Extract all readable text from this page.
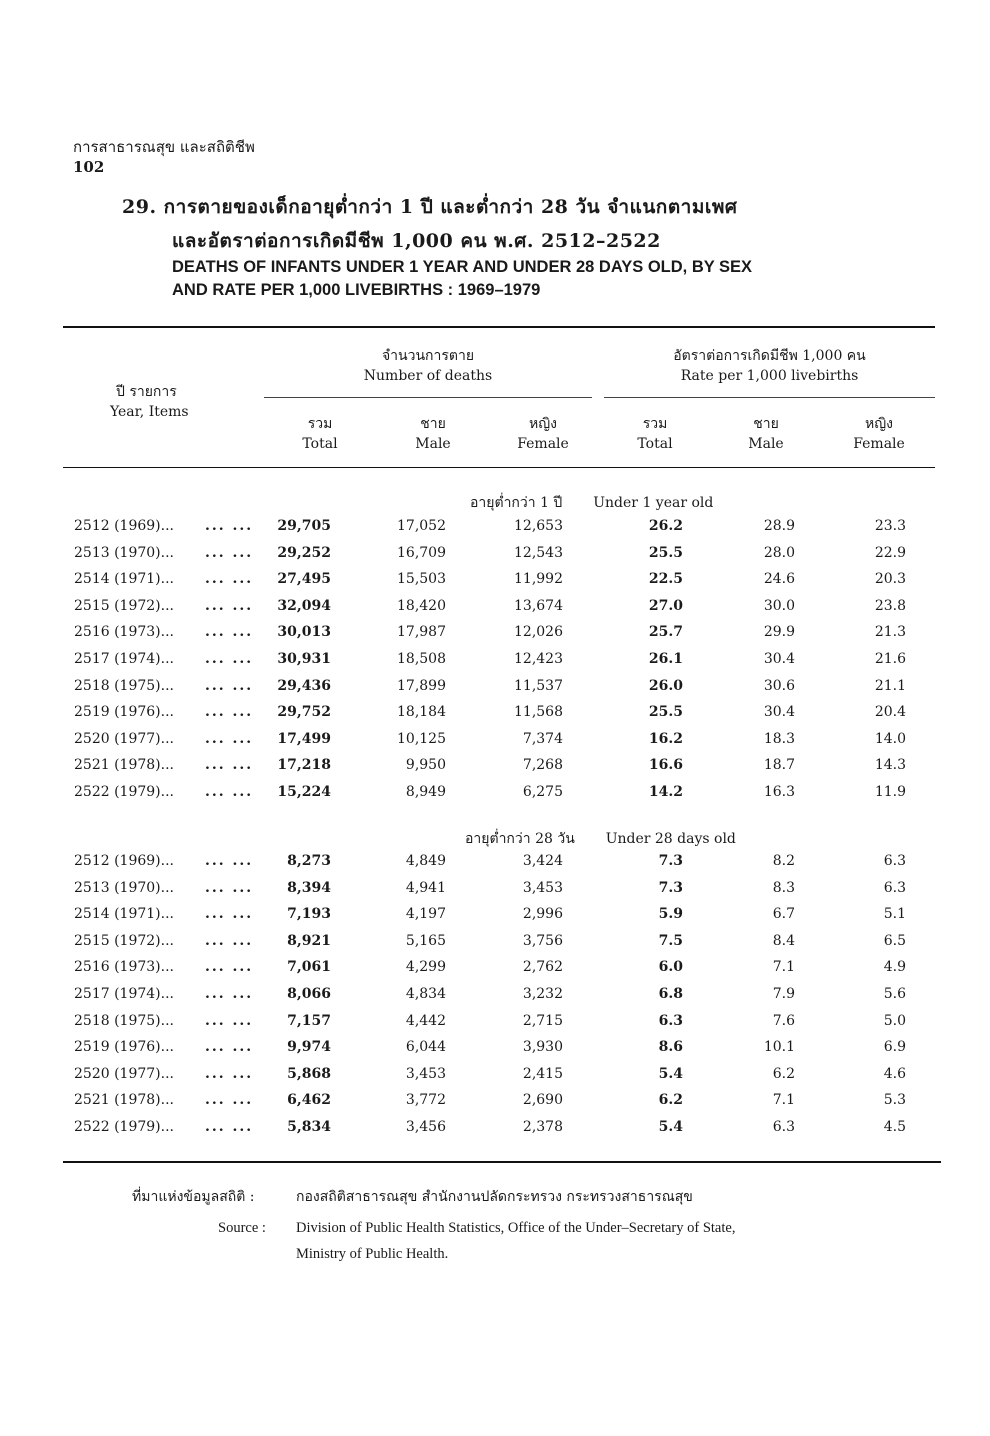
การสาธารณสุข และสถิติชีพ
102
29. การตายของเด็กอายุต่ำกว่า 1 ปี และต่ำกว่า 28 วัน จำแนกตามเพศ
และอัตราต่อการเกิดมีชีพ 1,000 คน พ.ศ. 2512–2522
DEATHS OF INFANTS UNDER 1 YEAR AND UNDER 28 DAYS OLD, BY SEX
AND RATE PER 1,000 LIVEBIRTHS : 1969–1979
ปี รายการ
Year, Items
จำนวนการตาย
Number of deaths
อัตราต่อการเกิดมีชีพ 1,000 คน
Rate per 1,000 livebirths
รวม
Total
ชาย
Male
หญิง
Female
รวม
Total
ชาย
Male
หญิง
Female
อายุต่ำกว่า 1 ปี Under 1 year old
อายุต่ำกว่า 28 วัน Under 28 days old
2512 (1969)... ... ... 29,705	17,052	12,653	26.2	28.9	23.3
2513 (1970)... ... ... 29,252	16,709	12,543	25.5	28.0	22.9
2514 (1971)... ... ... 27,495	15,503	11,992	22.5	24.6	20.3
2515 (1972)... ... ... 32,094	18,420	13,674	27.0	30.0	23.8
2516 (1973)... ... ... 30,013	17,987	12,026	25.7	29.9	21.3
2517 (1974)... ... ... 30,931	18,508	12,423	26.1	30.4	21.6
2518 (1975)... ... ... 29,436	17,899	11,537	26.0	30.6	21.1
2519 (1976)... ... ... 29,752	18,184	11,568	25.5	30.4	20.4
2520 (1977)... ... ... 17,499	10,125	7,374	16.2	18.3	14.0
2521 (1978)... ... ... 17,218	9,950	7,268	16.6	18.7	14.3
2522 (1979)... ... ... 15,224	8,949	6,275	14.2	16.3	11.9
2512 (1969)... ... ... 8,273	4,849	3,424	7.3	8.2	6.3
2513 (1970)... ... ... 8,394	4,941	3,453	7.3	8.3	6.3
2514 (1971)... ... ... 7,193	4,197	2,996	5.9	6.7	5.1
2515 (1972)... ... ... 8,921	5,165	3,756	7.5	8.4	6.5
2516 (1973)... ... ... 7,061	4,299	2,762	6.0	7.1	4.9
2517 (1974)... ... ... 8,066	4,834	3,232	6.8	7.9	5.6
2518 (1975)... ... ... 7,157	4,442	2,715	6.3	7.6	5.0
2519 (1976)... ... ... 9,974	6,044	3,930	8.6	10.1	6.9
2520 (1977)... ... ... 5,868	3,453	2,415	5.4	6.2	4.6
2521 (1978)... ... ... 6,462	3,772	2,690	6.2	7.1	5.3
2522 (1979)... ... ... 5,834	3,456	2,378	5.4	6.3	4.5
ที่มาแห่งข้อมูลสถิติ :	กองสถิติสาธารณสุข สำนักงานปลัดกระทรวง กระทรวงสาธารณสุข
Source : Division of Public Health Statistics, Office of the Under–Secretary of State,
Ministry of Public Health.
